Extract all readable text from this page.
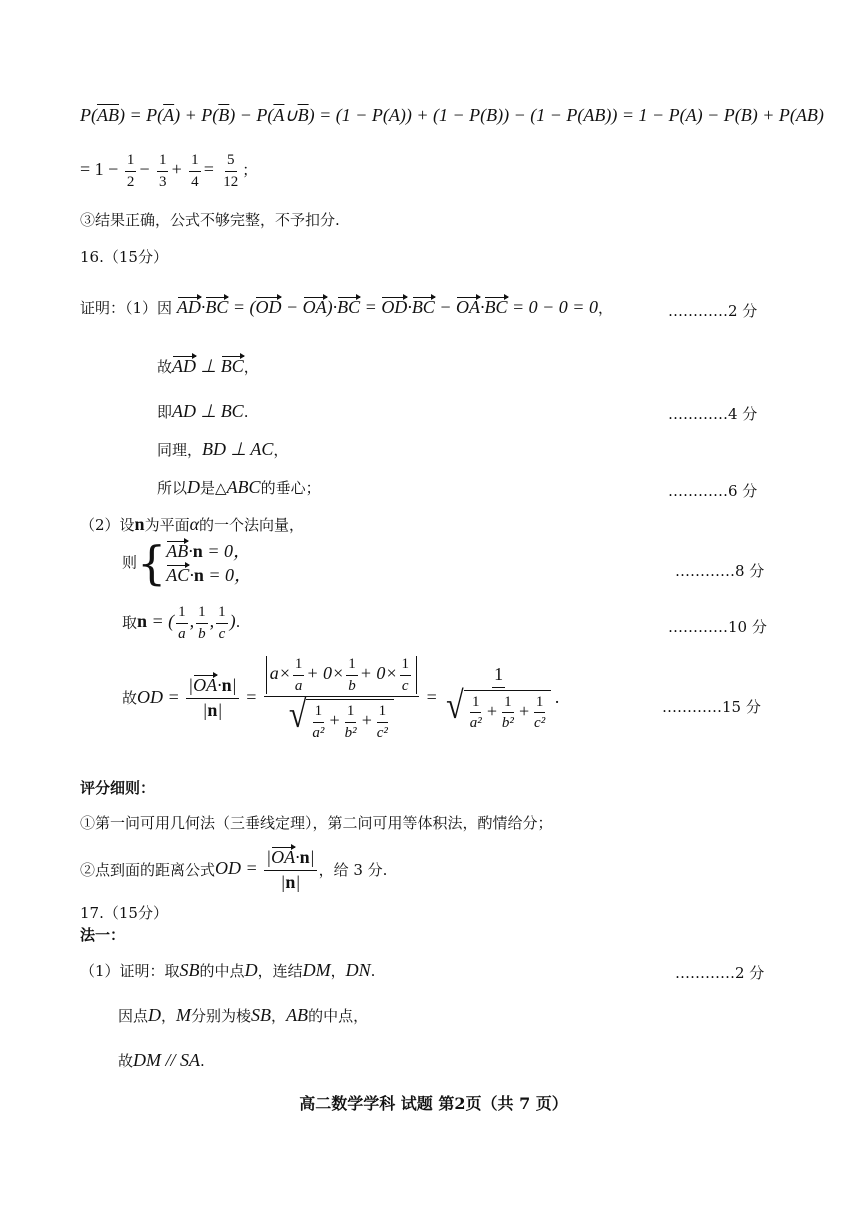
$P(\overline{AB}) = P(\overline{A}) + P(\overline{B})$ − $P(\overline{A}\cup\overline{B}) = (1 - P(A)) + (1 - P(B)) - (1 - P(AB)) = 1 - P(A) - P(B) + P(AB)$
= $1 - \frac{1}{2} - \frac{1}{3} + \frac{1}{4} = \frac{5}{12}$ ；
③结果正确，公式不够完整，不予扣分.
16.（15分）
证明：（1）因 AD·BC = (OD − OA)·BC = OD·BC − OA·BC = 0 − 0 = 0，	…………2 分
故AD ⊥ BC，
即AD ⊥ BC.	…………4 分
同理，BD ⊥ AC，
所以D是△ABC的垂心；	…………6 分
（2）设n为平面α的一个法向量，
则{ AB·n = 0，
AC·n = 0，	…………8 分
取n = ( $\frac{1}{a}$ , $\frac{1}{b}$ , $\frac{1}{c}$ ).	…………10 分
故OD = $\frac{|OA\cdot n|}{|n|} = \frac{a\times \frac{1}{a} + 0\times \frac{1}{b} + 0\times \frac{1}{c}}{√ \frac{1}{\text{a²}} + \frac{1}{\text{b²}} + \frac{1}{\text{c²}}} = \frac{1}{√ \frac{1}{\text{a²}} + \frac{1}{\text{b²}} + \frac{1}{\text{c²}}}$ .
…………15 分
评分细则：
①第一问可用几何法（三垂线定理），第二问可用等体积法，酌情给分；
②点到面的距离公式OD = $\frac{|OA\cdot n|}{|n|}$ ，给 3 分.
17.（15分）
法一：
（1）证明：取SB的中点D，连结DM，DN.	…………2 分
因点D，M分别为棱SB，AB的中点，
故DM // SA.
高二数学学科 试题 第2页（共 7 页）
